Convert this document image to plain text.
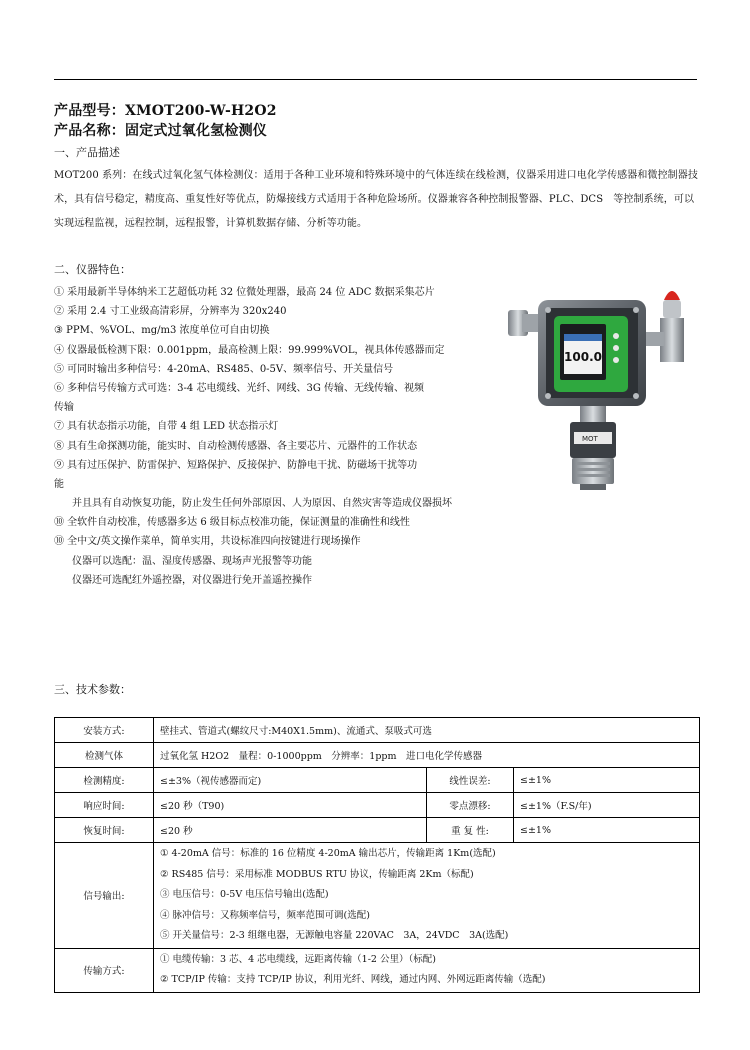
产品型号：XMOT200-W-H2O2
产品名称：固定式过氧化氢检测仪
一、产品描述
MOT200 系列：在线式过氧化氢气体检测仪：适用于各种工业环境和特殊环境中的气体连续在线检测，仪器采用进口电化学传感器和微控制器技术，具有信号稳定，精度高、重复性好等优点，防爆接线方式适用于各种危险场所。仪器兼容各种控制报警器、PLC、DCS　等控制系统，可以实现远程监视，远程控制，远程报警，计算机数据存储、分析等功能。
二、仪器特色：
① 采用最新半导体纳米工艺超低功耗 32 位微处理器，最高 24 位 ADC 数据采集芯片
② 采用 2.4 寸工业级高清彩屏，分辨率为 320x240
③ PPM、%VOL、mg/m3 浓度单位可自由切换
④ 仪器最低检测下限：0.001ppm，最高检测上限：99.999%VOL，视具体传感器而定
⑤ 可同时输出多种信号：4-20mA、RS485、0-5V、频率信号、开关量信号
⑥ 多种信号传输方式可选：3-4 芯电缆线、光纤、网线、3G 传输、无线传输、视频
传输
⑦ 具有状态指示功能，自带 4 组 LED 状态指示灯
⑧ 具有生命探测功能，能实时、自动检测传感器、各主要芯片、元器件的工作状态
⑨ 具有过压保护、防雷保护、短路保护、反接保护、防静电干扰、防磁场干扰等功
能
并且具有自动恢复功能，防止发生任何外部原因、人为原因、自然灾害等造成仪器损坏
⑩ 全软件自动校准，传感器多达 6 级目标点校准功能，保证测量的准确性和线性
⑩ 全中文/英文操作菜单，简单实用，共设标准四向按键进行现场操作
仪器可以选配：温、湿度传感器、现场声光报警等功能
仪器还可选配红外遥控器，对仪器进行免开盖遥控操作
100.0
MOT
三、技术参数：
安装方式:	壁挂式、管道式(螺纹尺寸:M40X1.5mm)、流通式、泵吸式可选		
检测气体	过氧化氢 H2O2　量程：0-1000ppm　分辨率：1ppm　进口电化学传感器		
检测精度:	≤±3%（视传感器而定)	线性误差:	≤±1%
响应时间:	≤20 秒（T90)	零点漂移:	≤±1%（F.S/年)
恢复时间:	≤20 秒	重 复 性:	≤±1%
信号输出:	① 4-20mA 信号：标准的 16 位精度 4-20mA 输出芯片，传输距离 1Km(选配)
② RS485 信号：采用标准 MODBUS RTU 协议，传输距离 2Km（标配)
③ 电压信号：0-5V 电压信号输出(选配)
④ 脉冲信号：又称频率信号，频率范围可调(选配)
⑤ 开关量信号：2-3 组继电器，无源触电容量 220VAC　3A，24VDC　3A(选配)		

传输方式:	① 电缆传输：3 芯、4 芯电缆线，远距离传输（1-2 公里）（标配)
② TCP/IP 传输：支持 TCP/IP 协议，利用光纤、网线，通过内网、外网远距离传输（选配)		
